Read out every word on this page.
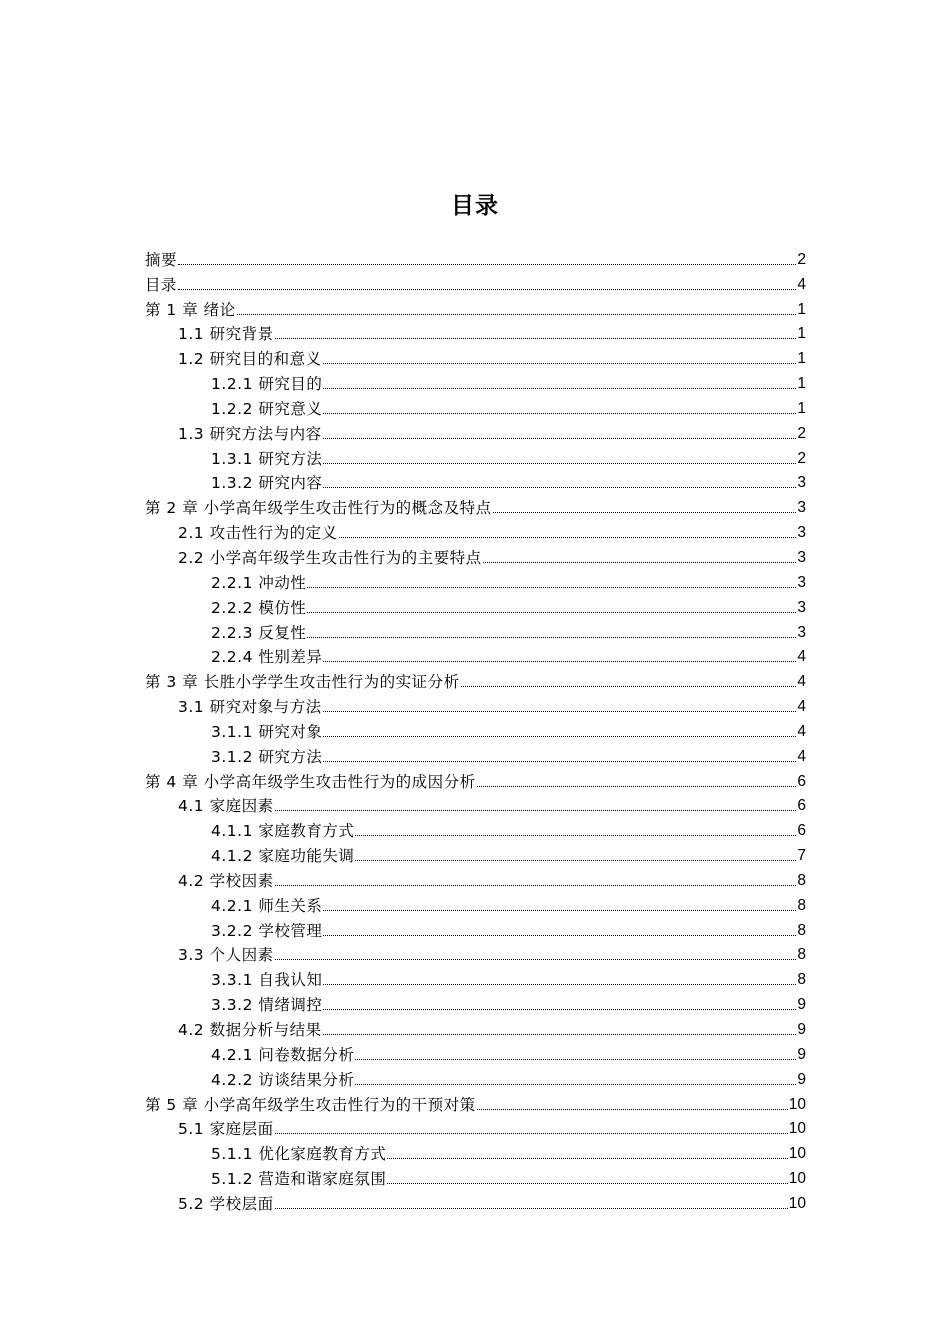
目录
摘要	2
目录	4
第 1 章 绪论	1
1.1 研究背景	1
1.2 研究目的和意义	1
1.2.1 研究目的	1
1.2.2 研究意义	1
1.3 研究方法与内容	2
1.3.1 研究方法	2
1.3.2 研究内容	3
第 2 章 小学高年级学生攻击性行为的概念及特点	3
2.1 攻击性行为的定义	3
2.2 小学高年级学生攻击性行为的主要特点	3
2.2.1 冲动性	3
2.2.2 模仿性	3
2.2.3 反复性	3
2.2.4 性别差异	4
第 3 章 长胜小学学生攻击性行为的实证分析	4
3.1 研究对象与方法	4
3.1.1 研究对象	4
3.1.2 研究方法	4
第 4 章 小学高年级学生攻击性行为的成因分析	6
4.1 家庭因素	6
4.1.1 家庭教育方式	6
4.1.2 家庭功能失调	7
4.2 学校因素	8
4.2.1 师生关系	8
3.2.2 学校管理	8
3.3 个人因素	8
3.3.1 自我认知	8
3.3.2 情绪调控	9
4.2 数据分析与结果	9
4.2.1 问卷数据分析	9
4.2.2 访谈结果分析	9
第 5 章 小学高年级学生攻击性行为的干预对策	10
5.1 家庭层面	10
5.1.1 优化家庭教育方式	10
5.1.2 营造和谐家庭氛围	10
5.2 学校层面	10
